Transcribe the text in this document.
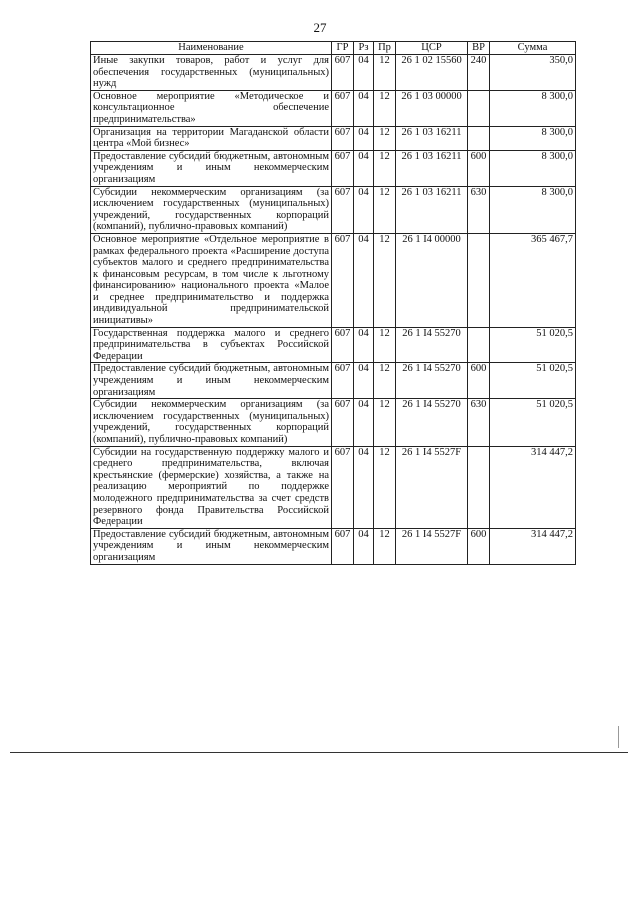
27
Наименование	ГР	Рз	Пр	ЦСР	ВР	Сумма
Иные закупки товаров, работ и услуг для обеспечения государственных (муниципальных) нужд	607	04	12	26 1 02 15560	240	350,0
Основное мероприятие «Методическое и консультационное обеспечение предпринимательства»	607	04	12	26 1 03 00000		8 300,0
Организация на территории Магаданской области центра «Мой бизнес»	607	04	12	26 1 03 16211		8 300,0
Предоставление субсидий бюджетным, автономным учреждениям и иным некоммерческим организациям	607	04	12	26 1 03 16211	600	8 300,0
Субсидии некоммерческим организациям (за исключением государственных (муниципальных) учреждений, государственных корпораций (компаний), публично-правовых компаний)	607	04	12	26 1 03 16211	630	8 300,0
Основное мероприятие «Отдельное мероприятие в рамках федерального проекта «Расширение доступа субъектов малого и среднего предпринимательства к финансовым ресурсам, в том числе к льготному финансированию» национального проекта «Малое и среднее предпринимательство и поддержка индивидуальной предпринимательской инициативы»	607	04	12	26 1 I4 00000		365 467,7
Государственная поддержка малого и среднего предпринимательства в субъектах Российской Федерации	607	04	12	26 1 I4 55270		51 020,5
Предоставление субсидий бюджетным, автономным учреждениям и иным некоммерческим организациям	607	04	12	26 1 I4 55270	600	51 020,5
Субсидии некоммерческим организациям (за исключением государственных (муниципальных) учреждений, государственных корпораций (компаний), публично-правовых компаний)	607	04	12	26 1 I4 55270	630	51 020,5
Субсидии на государственную поддержку малого и среднего предпринимательства, включая крестьянские (фермерские) хозяйства, а также на реализацию мероприятий по поддержке молодежного предпринимательства за счет средств резервного фонда Правительства Российской Федерации	607	04	12	26 1 I4 5527F		314 447,2
Предоставление субсидий бюджетным, автономным учреждениям и иным некоммерческим организациям	607	04	12	26 1 I4 5527F	600	314 447,2
